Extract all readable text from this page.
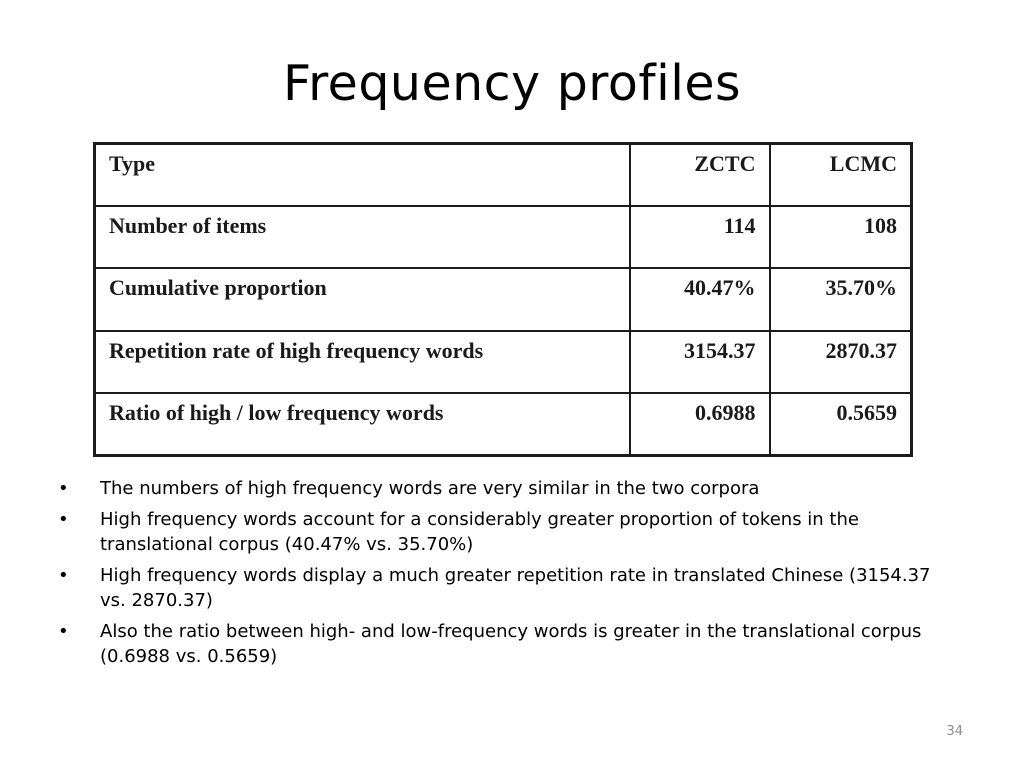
Frequency profiles
Type	ZCTC	LCMC
Number of items	114	108
Cumulative proportion	40.47%	35.70%
Repetition rate of high frequency words	3154.37	2870.37
Ratio of high / low frequency words	0.6988	0.5659
•	The numbers of high frequency words are very similar in the two corpora
•	High frequency words account for a considerably greater proportion of tokens in the translational corpus (40.47% vs. 35.70%)
•	High frequency words display a much greater repetition rate in translated Chinese (3154.37 vs. 2870.37)
•	Also the ratio between high- and low-frequency words is greater in the translational corpus (0.6988 vs. 0.5659)
34
